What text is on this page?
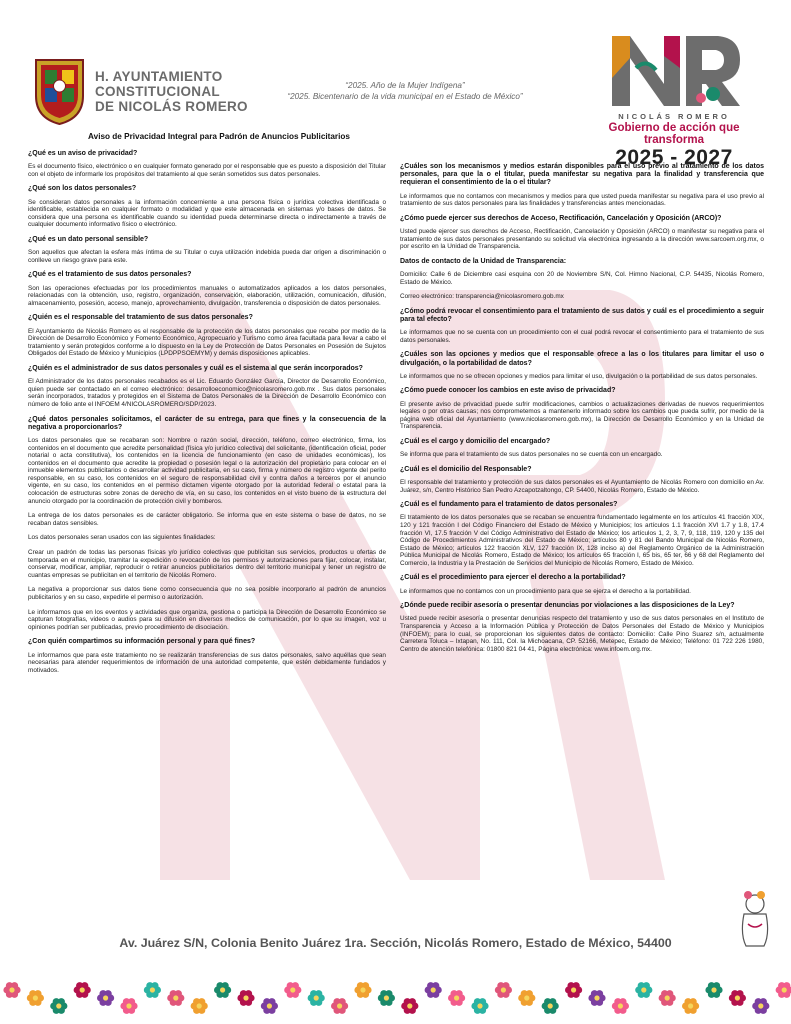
H. AYUNTAMIENTO
CONSTITUCIONAL
DE NICOLÁS ROMERO
“2025. Año de la Mujer Indígena”
“2025. Bicentenario de la vida municipal en el Estado de México”
NICOLÁS ROMERO
Gobierno de acción que transforma
2025 - 2027
Aviso de Privacidad Integral para Padrón de Anuncios Publicitarios
¿Qué es un aviso de privacidad?
Es el documento físico, electrónico o en cualquier formato generado por el responsable que es puesto a disposición del Titular con el objeto de informarle los propósitos del tratamiento al que serán sometidos sus datos personales.
¿Qué son los datos personales?
Se consideran datos personales a la información concerniente a una persona física o jurídica colectiva identificada o identificable, establecida en cualquier formato o modalidad y que este almacenada en sistemas y/o bases de datos. Se considera que una persona es identificable cuando su identidad pueda determinarse directa o indirectamente a través de cualquier documento informativo físico o electrónico.
¿Qué es un dato personal sensible?
Son aquellos que afectan la esfera más íntima de su Titular o cuya utilización indebida pueda dar origen a discriminación o conlleve un riesgo grave para este.
¿Qué es el tratamiento de sus datos personales?
Son las operaciones efectuadas por los procedimientos manuales o automatizados aplicados a los datos personales, relacionadas con la obtención, uso, registro, organización, conservación, elaboración, utilización, comunicación, difusión, almacenamiento, posesión, acceso, manejo, aprovechamiento, divulgación, transferencia o disposición de datos personales.
¿Quién es el responsable del tratamiento de sus datos personales?
El Ayuntamiento de Nicolás Romero es el responsable de la protección de los datos personales que recabe por medio de la Dirección de Desarrollo Económico y Fomento Económico, Agropecuario y Turismo como área facultada para llevar a cabo el tratamiento y serán protegidos conforme a lo dispuesto en la Ley de Protección de Datos Personales en Posesión de Sujetos Obligados del Estado de México y Municipios (LPDPPSOEMYM) y demás disposiciones aplicables.
¿Quién es el administrador de sus datos personales y cuál es el sistema al que serán incorporados?
El Administrador de los datos personales recabados es el Lic. Eduardo González García, Director de Desarrollo Económico, quien puede ser contactado en el correo electrónico: desarrolloeconomico@nicolasromero.gob.mx . Sus datos personales serán incorporados, tratados y protegidos en el Sistema de Datos Personales de la Dirección de Desarrollo Económico con número de folio ante el INFOEM 4/NICOLASROMERO/SDP/2023.
¿Qué datos personales solicitamos, el carácter de su entrega, para que fines y la consecuencia de la negativa a proporcionarlos?
Los datos personales que se recabaran son: Nombre o razón social, dirección, teléfono, correo electrónico, firma, los contenidos en el documento que acredite personalidad (física y/o jurídico colectiva) del solicitante, (identificación oficial, poder notarial o acta constitutiva), los contenidos en la licencia de funcionamiento (en caso de unidades económicas), los contenidos en el documento que acredite la propiedad o posesión legal o la autorización del propietario para colocar en el inmueble elementos publicitarios o desarrollar actividad publicitaria, en su caso, firma y número de registro vigente del perito responsable, en su caso, los contenidos en el seguro de responsabilidad civil y contra daños a terceros por el anuncio vigente, en su caso, los contenidos en el permiso dictamen vigente otorgado por la autoridad federal o estatal para la colocación de estructuras sobre zonas de derecho de vía, en su caso, los contenidos en el visto bueno de la estructura del anuncio otorgado por la coordinación de protección civil y bomberos.
La entrega de los datos personales es de carácter obligatorio. Se informa que en este sistema o base de datos, no se recaban datos sensibles.
Los datos personales seran usados con las siguientes finalidades:
Crear un padrón de todas las personas físicas y/o jurídico colectivas que publicitan sus servicios, productos u ofertas de temporada en el municipio, tramitar la expedición o revocación de los permisos y autorizaciones para fijar, colocar, instalar, conservar, modificar, ampliar, reproducir o retirar anuncios publicitarios dentro del territorio municipal y tener un registro de cuantas empresas se publicitan en el territorio de Nicolás Romero.
La negativa a proporcionar sus datos tiene como consecuencia que no sea posible incorporarlo al padrón de anuncios publicitarios y en su caso, expedirle el permiso o autorización.
Le informamos que en los eventos y actividades que organiza, gestiona o participa la Dirección de Desarrollo Económico se capturan fotografías, videos o audios para su difusión en diversos medios de comunicación, por lo que su imagen, voz u opiniones podrían ser publicadas, previo procedimiento de disociación.
¿Con quién compartimos su información personal y para qué fines?
Le informamos que para este tratamiento no se realizarán transferencias de sus datos personales, salvo aquéllas que sean necesarias para atender requerimientos de información de una autoridad competente, que estén debidamente fundados y motivados.
¿Cuáles son los mecanismos y medios estarán disponibles para el uso previo al tratamiento de los datos personales, para que la o el titular, pueda manifestar su negativa para la finalidad y transferencia que requieran el consentimiento de la o el titular?
Le informamos que no contamos con mecanismos y medios para que usted pueda manifestar su negativa para el uso previo al tratamiento de sus datos personales para las finalidades y transferencias antes mencionadas.
¿Cómo puede ejercer sus derechos de Acceso, Rectificación, Cancelación y Oposición (ARCO)?
Usted puede ejercer sus derechos de Acceso, Rectificación, Cancelación y Oposición (ARCO) o manifestar su negativa para el tratamiento de sus datos personales presentando su solicitud vía electrónica ingresando a la dirección www.sarcoem.org.mx, o por escrito en la Unidad de Transparencia.
Datos de contacto de la Unidad de Transparencia:
Domicilio: Calle 6 de Diciembre casi esquina con 20 de Noviembre S/N, Col. Himno Nacional, C.P. 54435, Nicolás Romero, Estado de México.
Correo electrónico: transparencia@nicolasromero.gob.mx
¿Cómo podrá revocar el consentimiento para el tratamiento de sus datos y cuál es el procedimiento a seguir para tal efecto?
Le informamos que no se cuenta con un procedimiento con el cual podrá revocar el consentimiento para el tratamiento de sus datos personales.
¿Cuáles son las opciones y medios que el responsable ofrece a las o los titulares para limitar el uso o divulgación, o la portabilidad de datos?
Le informamos que no se ofrecen opciones y medios para limitar el uso, divulgación o la portabilidad de sus datos personales.
¿Cómo puede conocer los cambios en este aviso de privacidad?
El presente aviso de privacidad puede sufrir modificaciones, cambios o actualizaciones derivadas de nuevos requerimientos legales o por otras causas; nos comprometemos a mantenerlo informado sobre los cambios que pueda sufrir, por medio de la página web oficial del Ayuntamiento (www.nicolasromero.gob.mx), la Dirección de Desarrollo Económico y en la Unidad de Transparencia.
¿Cuál es el cargo y domicilio del encargado?
Se informa que para el tratamiento de sus datos personales no se cuenta con un encargado.
¿Cuál es el domicilio del Responsable?
El responsable del tratamiento y protección de sus datos personales es el Ayuntamiento de Nicolás Romero con domicilio en Av. Juárez, s/n, Centro Histórico San Pedro Azcapotzaltongo, CP. 54400, Nicolás Romero, Estado de México.
¿Cuál es el fundamento para el tratamiento de datos personales?
El tratamiento de los datos personales que se recaban se encuentra fundamentado legalmente en los artículos 41 fracción XIX, 120 y 121 fracción I del Código Financiero del Estado de México y Municipios; los artículos 1.1 fracción XVI 1.7 y 1.8, 17.4 fracción VI, 17.5 fracción V del Código Administrativo del Estado de México; los artículos 1, 2, 3, 7, 9, 118, 119, 120 y 135 del Código de Procedimientos Administrativos del Estado de México; artículos 80 y 81 del Bando Municipal de Nicolás Romero, Estado de México; artículos 122 fracción XLV, 127 fracción IX, 128 inciso a) del Reglamento Orgánico de la Administración Pública Municipal de Nicolás Romero, Estado de México; los artículos 65 fracción I, 65 bis, 65 ter, 66 y 68 del Reglamento del Comercio, la Industria y la Prestación de Servicios del Municipio de Nicolás Romero, Estado de México.
¿Cuál es el procedimiento para ejercer el derecho a la portabilidad?
Le informamos que no contamos con un procedimiento para que se ejerza el derecho a la portabilidad.
¿Dónde puede recibir asesoría o presentar denuncias por violaciones a las disposiciones de la Ley?
Usted puede recibir asesoría o presentar denuncias respecto del tratamiento y uso de sus datos personales en el Instituto de Transparencia y Acceso a la Información Pública y Protección de Datos Personales del Estado de México y Municipios (INFOEM); para lo cual, se proporcionan los siguientes datos de contacto: Domicilio: Calle Pino Suarez s/n, actualmente Carretera Toluca – Ixtapan, No. 111, Col. la Michoacana, CP. 52166, Metepec, Estado de México; Teléfono: 01 722 226 1980, Centro de atención telefónica: 01800 821 04 41, Página electrónica: www.infoem.org.mx.
Av. Juárez S/N, Colonia Benito Juárez 1ra. Sección, Nicolás Romero, Estado de México, 54400
